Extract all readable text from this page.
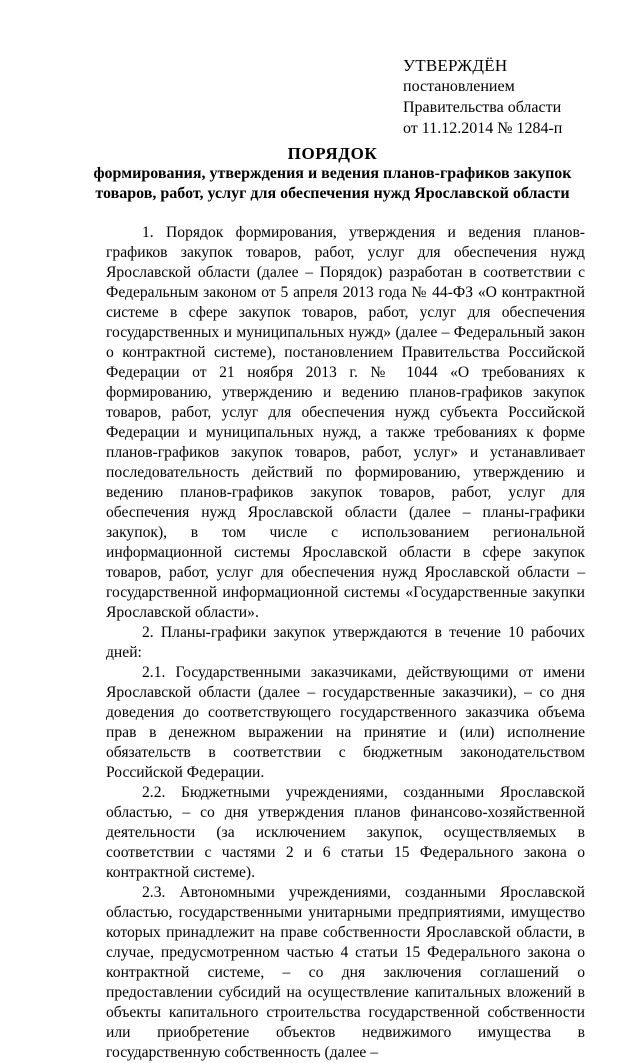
УТВЕРЖДЁН
постановлением
Правительства области
от 11.12.2014 № 1284-п
ПОРЯДОК
формирования, утверждения и ведения планов-графиков закупок
товаров, работ, услуг для обеспечения нужд Ярославской области

1. Порядок формирования, утверждения и ведения планов-графиков закупок товаров, работ, услуг для обеспечения нужд Ярославской области (далее – Порядок) разработан в соответствии с Федеральным законом от 5 апреля 2013 года № 44-ФЗ «О контрактной системе в сфере закупок товаров, работ, услуг для обеспечения государственных и муниципальных нужд» (далее – Федеральный закон о контрактной системе), постановлением Правительства Российской Федерации от 21 ноября 2013 г. № 1044 «О требованиях к формированию, утверждению и ведению планов-графиков закупок товаров, работ, услуг для обеспечения нужд субъекта Российской Федерации и муниципальных нужд, а также требованиях к форме планов-графиков закупок товаров, работ, услуг» и устанавливает последовательность действий по формированию, утверждению и ведению планов-графиков закупок товаров, работ, услуг для обеспечения нужд Ярославской области (далее – планы-графики закупок), в том числе с использованием региональной информационной системы Ярославской области в сфере закупок товаров, работ, услуг для обеспечения нужд Ярославской области – государственной информационной системы «Государственные закупки Ярославской области».

2. Планы-графики закупок утверждаются в течение 10 рабочих дней:

2.1. Государственными заказчиками, действующими от имени Ярославской области (далее – государственные заказчики), – со дня доведения до соответствующего государственного заказчика объема прав в денежном выражении на принятие и (или) исполнение обязательств в соответствии с бюджетным законодательством Российской Федерации.

2.2. Бюджетными учреждениями, созданными Ярославской областью, – со дня утверждения планов финансово-хозяйственной деятельности (за исключением закупок, осуществляемых в соответствии с частями 2 и 6 статьи 15 Федерального закона о контрактной системе).

2.3. Автономными учреждениями, созданными Ярославской областью, государственными унитарными предприятиями, имущество которых принадлежит на праве собственности Ярославской области, в случае, предусмотренном частью 4 статьи 15 Федерального закона о контрактной системе, – со дня заключения соглашений о предоставлении субсидий на осуществление капитальных вложений в объекты капитального строительства государственной собственности или приобретение объектов недвижимого имущества в государственную собственность (далее –
